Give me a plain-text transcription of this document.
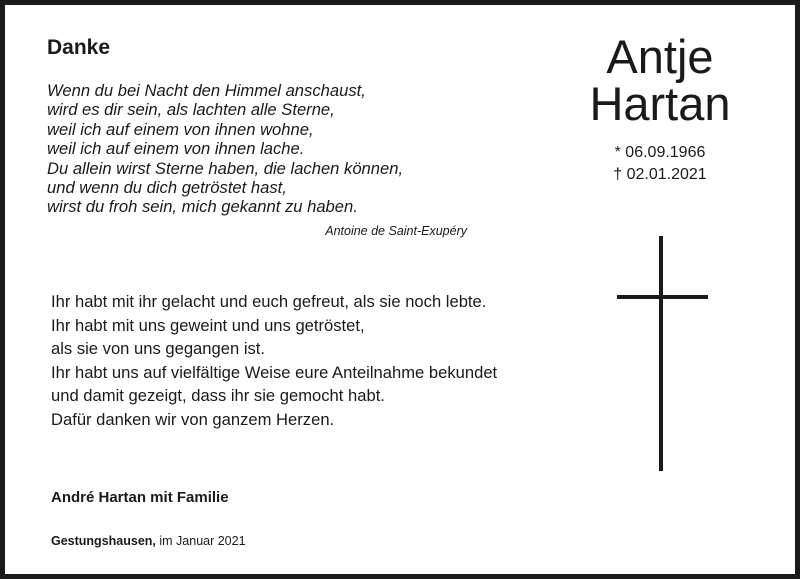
Danke

Wenn du bei Nacht den Himmel anschaust,
wird es dir sein, als lachten alle Sterne,
weil ich auf einem von ihnen wohne,
weil ich auf einem von ihnen lache.
Du allein wirst Sterne haben, die lachen können,
und wenn du dich getröstet hast,
wirst du froh sein, mich gekannt zu haben.

Antoine de Saint-Exupéry
Antje
Hartan
* 06.09.1966
† 02.01.2021

Ihr habt mit ihr gelacht und euch gefreut, als sie noch lebte.
Ihr habt mit uns geweint und uns getröstet,
als sie von uns gegangen ist.
Ihr habt uns auf vielfältige Weise eure Anteilnahme bekundet
und damit gezeigt, dass ihr sie gemocht habt.
Dafür danken wir von ganzem Herzen.

André Hartan mit Familie
Gestungshausen, im Januar 2021
